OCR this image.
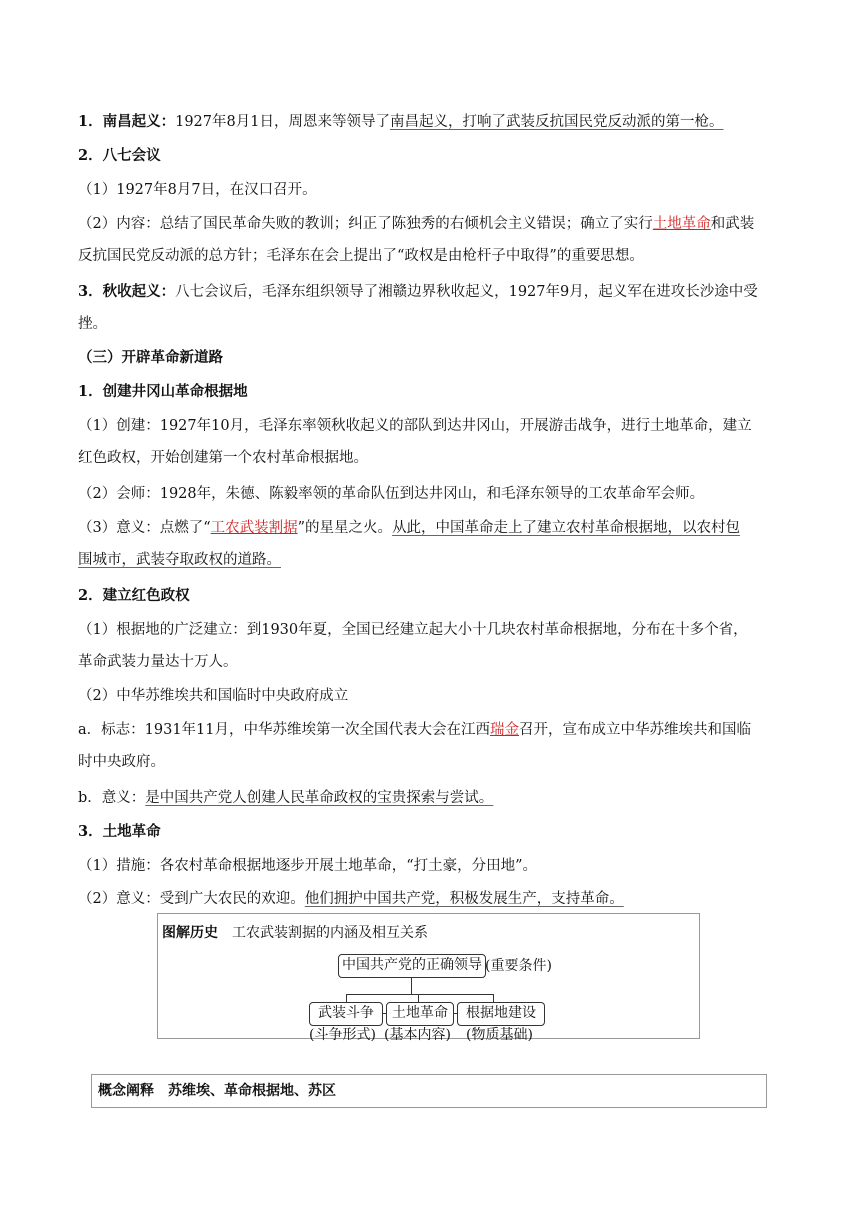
1．南昌起义：1927年8月1日，周恩来等领导了南昌起义，打响了武装反抗国民党反动派的第一枪。
2．八七会议
（1）1927年8月7日，在汉口召开。
（2）内容：总结了国民革命失败的教训；纠正了陈独秀的右倾机会主义错误；确立了实行土地革命和武装
反抗国民党反动派的总方针；毛泽东在会上提出了“政权是由枪杆子中取得”的重要思想。
3．秋收起义：八七会议后，毛泽东组织领导了湘赣边界秋收起义，1927年9月，起义军在进攻长沙途中受
挫。
（三）开辟革命新道路
1．创建井冈山革命根据地
（1）创建：1927年10月，毛泽东率领秋收起义的部队到达井冈山，开展游击战争，进行土地革命，建立
红色政权，开始创建第一个农村革命根据地。
（2）会师：1928年，朱德、陈毅率领的革命队伍到达井冈山，和毛泽东领导的工农革命军会师。
（3）意义：点燃了“工农武装割据”的星星之火。从此，中国革命走上了建立农村革命根据地，以农村包
围城市，武装夺取政权的道路。
2．建立红色政权
（1）根据地的广泛建立：到1930年夏，全国已经建立起大小十几块农村革命根据地，分布在十多个省，
革命武装力量达十万人。
（2）中华苏维埃共和国临时中央政府成立
a．标志：1931年11月，中华苏维埃第一次全国代表大会在江西瑞金召开，宣布成立中华苏维埃共和国临
时中央政府。
b．意义：是中国共产党人创建人民革命政权的宝贵探索与尝试。
3．土地革命
（1）措施：各农村革命根据地逐步开展土地革命，“打土豪，分田地”。
（2）意义：受到广大农民的欢迎。他们拥护中国共产党，积极发展生产，支持革命。
图解历史 工农武装割据的内涵及相互关系
中国共产党的正确领导 (重要条件)
武装斗争	土地革命	根据地建设
(斗争形式) (基本内容) (物质基础)
概念阐释 苏维埃、革命根据地、苏区
